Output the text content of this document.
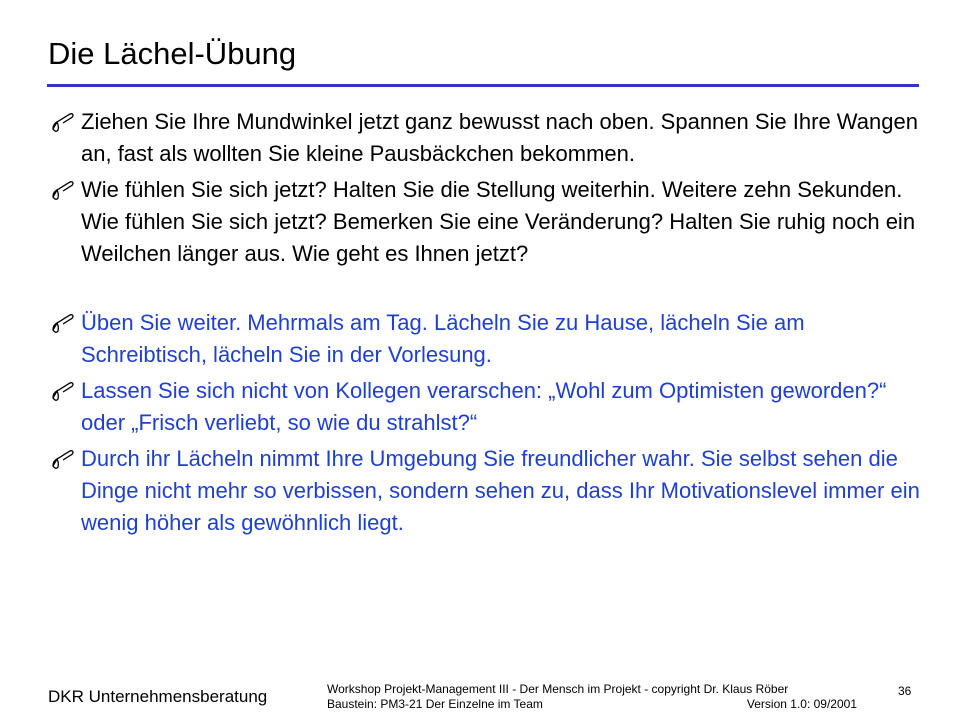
Die Lächel-Übung
Ziehen Sie Ihre Mundwinkel jetzt ganz bewusst nach oben. Spannen Sie Ihre Wangen an, fast als wollten Sie kleine Pausbäckchen bekommen.
Wie fühlen Sie sich jetzt? Halten Sie die Stellung weiterhin. Weitere zehn Sekunden. Wie fühlen Sie sich jetzt? Bemerken Sie eine Veränderung? Halten Sie ruhig noch ein Weilchen länger aus. Wie geht es Ihnen jetzt?
Üben Sie weiter. Mehrmals am Tag. Lächeln Sie zu Hause, lächeln Sie am Schreibtisch, lächeln Sie in der Vorlesung.
Lassen Sie sich nicht von Kollegen verarschen: „Wohl zum Optimisten geworden?“ oder „Frisch verliebt, so wie du strahlst?“
Durch ihr Lächeln nimmt Ihre Umgebung Sie freundlicher wahr. Sie selbst sehen die Dinge nicht mehr so verbissen, sondern sehen zu, dass Ihr Motivationslevel immer ein wenig höher als gewöhnlich liegt.
DKR Unternehmensberatung	Workshop Projekt-Management III - Der Mensch im Projekt - copyright Dr. Klaus Röber
Baustein: PM3-21 Der Einzelne im Team	Version 1.0: 09/2001
36
